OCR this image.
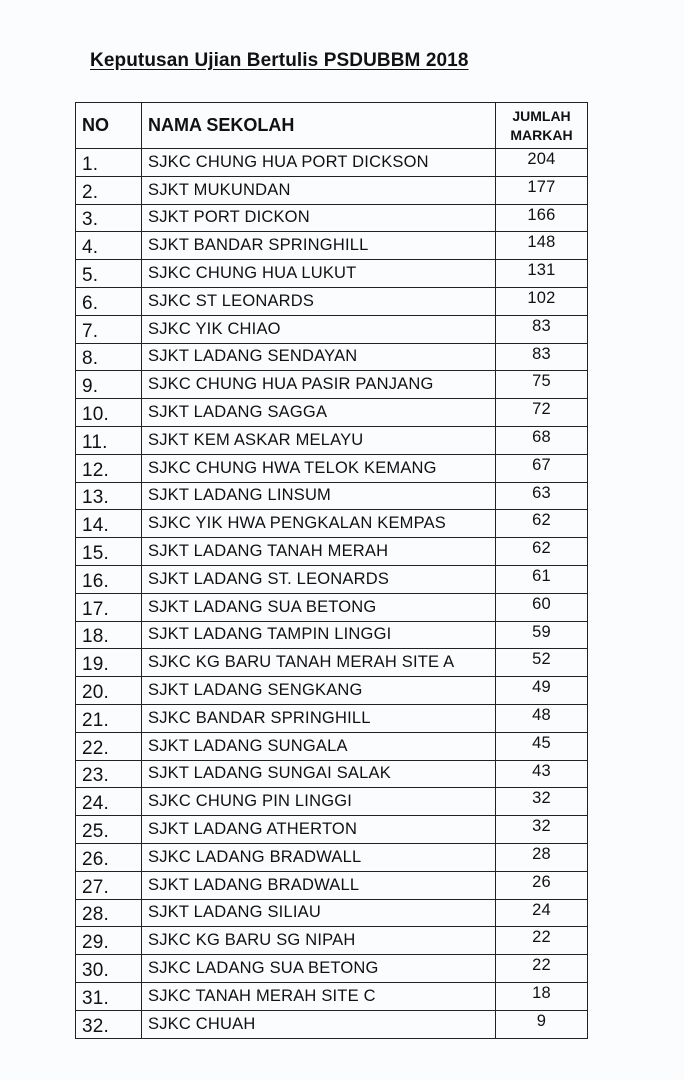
Keputusan Ujian Bertulis PSDUBBM 2018
NO	NAMA SEKOLAH	JUMLAH MARKAH
1.	SJKC CHUNG HUA PORT DICKSON	204
2.	SJKT MUKUNDAN	177
3.	SJKT PORT DICKON	166
4.	SJKT BANDAR SPRINGHILL	148
5.	SJKC CHUNG HUA LUKUT	131
6.	SJKC ST LEONARDS	102
7.	SJKC YIK CHIAO	83
8.	SJKT LADANG SENDAYAN	83
9.	SJKC CHUNG HUA PASIR PANJANG	75
10.	SJKT LADANG SAGGA	72
11.	SJKT KEM ASKAR MELAYU	68
12.	SJKC CHUNG HWA TELOK KEMANG	67
13.	SJKT LADANG LINSUM	63
14.	SJKC YIK HWA PENGKALAN KEMPAS	62
15.	SJKT LADANG TANAH MERAH	62
16.	SJKT LADANG ST. LEONARDS	61
17.	SJKT LADANG SUA BETONG	60
18.	SJKT LADANG TAMPIN LINGGI	59
19.	SJKC KG BARU TANAH MERAH SITE A	52
20.	SJKT LADANG SENGKANG	49
21.	SJKC BANDAR SPRINGHILL	48
22.	SJKT LADANG SUNGALA	45
23.	SJKT LADANG SUNGAI SALAK	43
24.	SJKC CHUNG PIN LINGGI	32
25.	SJKT LADANG ATHERTON	32
26.	SJKC LADANG BRADWALL	28
27.	SJKT LADANG BRADWALL	26
28.	SJKT LADANG SILIAU	24
29.	SJKC KG BARU SG NIPAH	22
30.	SJKC LADANG SUA BETONG	22
31.	SJKC TANAH MERAH SITE C	18
32.	SJKC CHUAH	9
